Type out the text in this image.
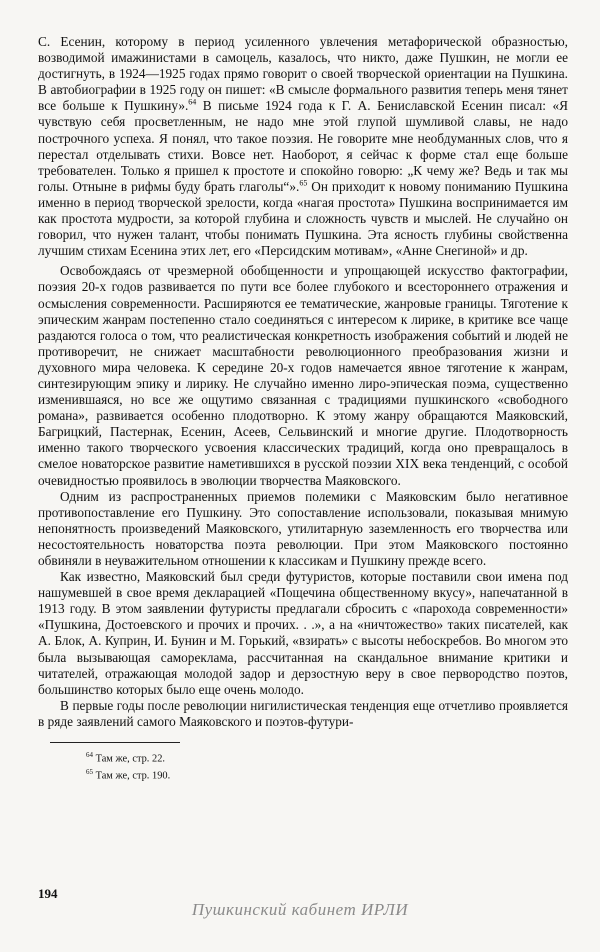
С. Есенин, которому в период усиленного увлечения метафорической образностью, возводимой имажинистами в самоцель, казалось, что никто, даже Пушкин, не могли ее достигнуть, в 1924—1925 годах прямо говорит о своей творческой ориентации на Пушкина. В автобиографии в 1925 году он пишет: «В смысле формального развития теперь меня тянет все больше к Пушкину».$^{64}$ В письме 1924 года к Г. А. Бениславской Есенин писал: «Я чувствую себя просветленным, не надо мне этой глупой шумливой славы, не надо построчного успеха. Я понял, что такое поэзия. Не говорите мне необдуманных слов, что я перестал отделывать стихи. Вовсе нет. Наоборот, я сейчас к форме стал еще больше требователен. Только я пришел к простоте и спокойно говорю: „К чему же? Ведь и так мы голы. Отныне в рифмы буду брать глаголы“».$^{65}$ Он приходит к новому пониманию Пушкина именно в период творческой зрелости, когда «нагая простота» Пушкина воспринимается им как простота мудрости, за которой глубина и сложность чувств и мыслей. Не случайно он говорил, что нужен талант, чтобы понимать Пушкина. Эта ясность глубины свойственна лучшим стихам Есенина этих лет, его «Персидским мотивам», «Анне Снегиной» и др.

Освобождаясь от чрезмерной обобщенности и упрощающей искусство фактографии, поэзия 20-х годов развивается по пути все более глубокого и всестороннего отражения и осмысления современности. Расширяются ее тематические, жанровые границы. Тяготение к эпическим жанрам постепенно стало соединяться с интересом к лирике, в критике все чаще раздаются голоса о том, что реалистическая конкретность изображения событий и людей не противоречит, не снижает масштабности революционного преобразования жизни и духовного мира человека. К середине 20-х годов намечается явное тяготение к жанрам, синтезирующим эпику и лирику. Не случайно именно лиро-эпическая поэма, существенно изменившаяся, но все же ощутимо связанная с традициями пушкинского «свободного романа», развивается особенно плодотворно. К этому жанру обращаются Маяковский, Багрицкий, Пастернак, Есенин, Асеев, Сельвинский и многие другие. Плодотворность именно такого творческого усвоения классических традиций, когда оно превращалось в смелое новаторское развитие наметившихся в русской поэзии XIX века тенденций, с особой очевидностью проявилось в эволюции творчества Маяковского.

Одним из распространенных приемов полемики с Маяковским было негативное противопоставление его Пушкину. Это сопоставление использовали, показывая мнимую непонятность произведений Маяковского, утилитарную заземленность его творчества или несостоятельность новаторства поэта революции. При этом Маяковского постоянно обвиняли в неуважительном отношении к классикам и Пушкину прежде всего.

Как известно, Маяковский был среди футуристов, которые поставили свои имена под нашумевшей в свое время декларацией «Пощечина общественному вкусу», напечатанной в 1913 году. В этом заявлении футуристы предлагали сбросить с «парохода современности» «Пушкина, Достоевского и прочих и прочих. . .», а на «ничтожество» таких писателей, как А. Блок, А. Куприн, И. Бунин и М. Горький, «взирать» с высоты небоскребов. Во многом это была вызывающая самореклама, рассчитанная на скандальное внимание критики и читателей, отражающая молодой задор и дерзостную веру в свое первородство поэтов, большинство которых было еще очень молодо.

В первые годы после революции нигилистическая тенденция еще отчетливо проявляется в ряде заявлений самого Маяковского и поэтов-футури-

$^{64}$ Там же, стр. 22.
$^{65}$ Там же, стр. 190.
194
Пушкинский кабинет ИРЛИ
